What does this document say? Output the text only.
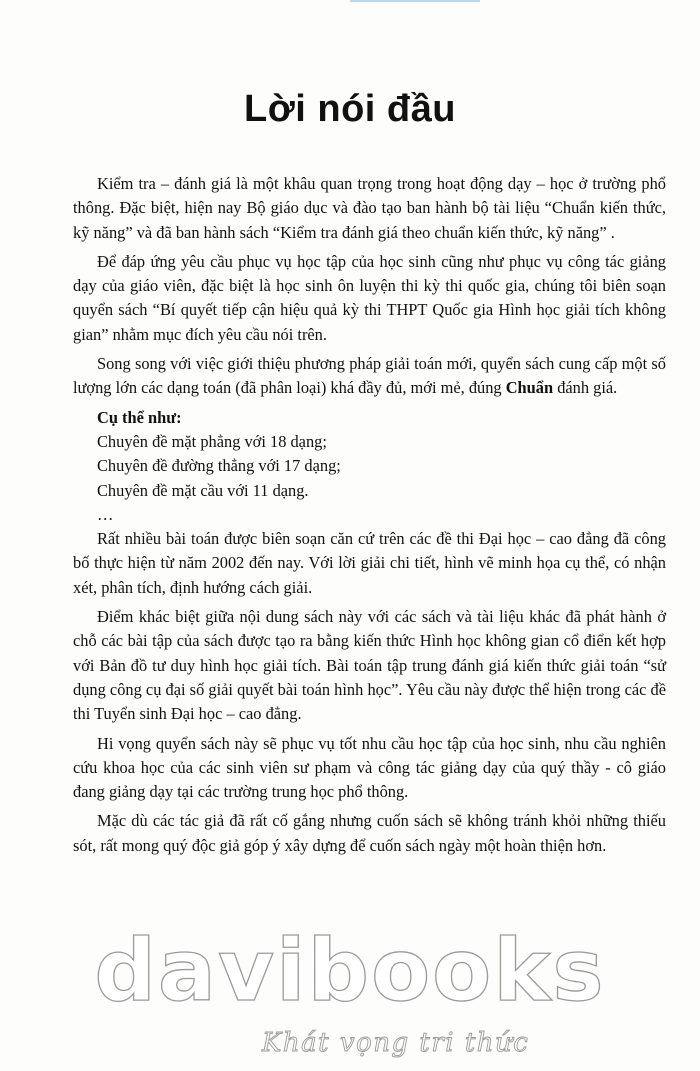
Lời nói đầu

Kiểm tra – đánh giá là một khâu quan trọng trong hoạt động dạy – học ở trường phổ thông. Đặc biệt, hiện nay Bộ giáo dục và đào tạo ban hành bộ tài liệu “Chuẩn kiến thức, kỹ năng” và đã ban hành sách “Kiểm tra đánh giá theo chuẩn kiến thức, kỹ năng” .

Để đáp ứng yêu cầu phục vụ học tập của học sinh cũng như phục vụ công tác giảng dạy của giáo viên, đặc biệt là học sinh ôn luyện thi kỳ thi quốc gia, chúng tôi biên soạn quyển sách “Bí quyết tiếp cận hiệu quả kỳ thi THPT Quốc gia Hình học giải tích không gian” nhằm mục đích yêu cầu nói trên.

Song song với việc giới thiệu phương pháp giải toán mới, quyển sách cung cấp một số lượng lớn các dạng toán (đã phân loại) khá đầy đủ, mới mẻ, đúng Chuẩn đánh giá.

Cụ thể như:

Chuyên đề mặt phẳng với 18 dạng;

Chuyên đề đường thẳng với 17 dạng;

Chuyên đề mặt cầu với 11 dạng.

…

Rất nhiều bài toán được biên soạn căn cứ trên các đề thi Đại học – cao đẳng đã công bố thực hiện từ năm 2002 đến nay. Với lời giải chi tiết, hình vẽ minh họa cụ thể, có nhận xét, phân tích, định hướng cách giải.

Điểm khác biệt giữa nội dung sách này với các sách và tài liệu khác đã phát hành ở chỗ các bài tập của sách được tạo ra bằng kiến thức Hình học không gian cổ điển kết hợp với Bản đồ tư duy hình học giải tích. Bài toán tập trung đánh giá kiến thức giải toán “sử dụng công cụ đại số giải quyết bài toán hình học”. Yêu cầu này được thể hiện trong các đề thi Tuyển sinh Đại học – cao đẳng.

Hi vọng quyển sách này sẽ phục vụ tốt nhu cầu học tập của học sinh, nhu cầu nghiên cứu khoa học của các sinh viên sư phạm và công tác giảng dạy của quý thầy - cô giáo đang giảng dạy tại các trường trung học phổ thông.

Mặc dù các tác giả đã rất cố gắng nhưng cuốn sách sẽ không tránh khỏi những thiếu sót, rất mong quý độc giả góp ý xây dựng để cuốn sách ngày một hoàn thiện hơn.

davibooks
Khát vọng tri thức
